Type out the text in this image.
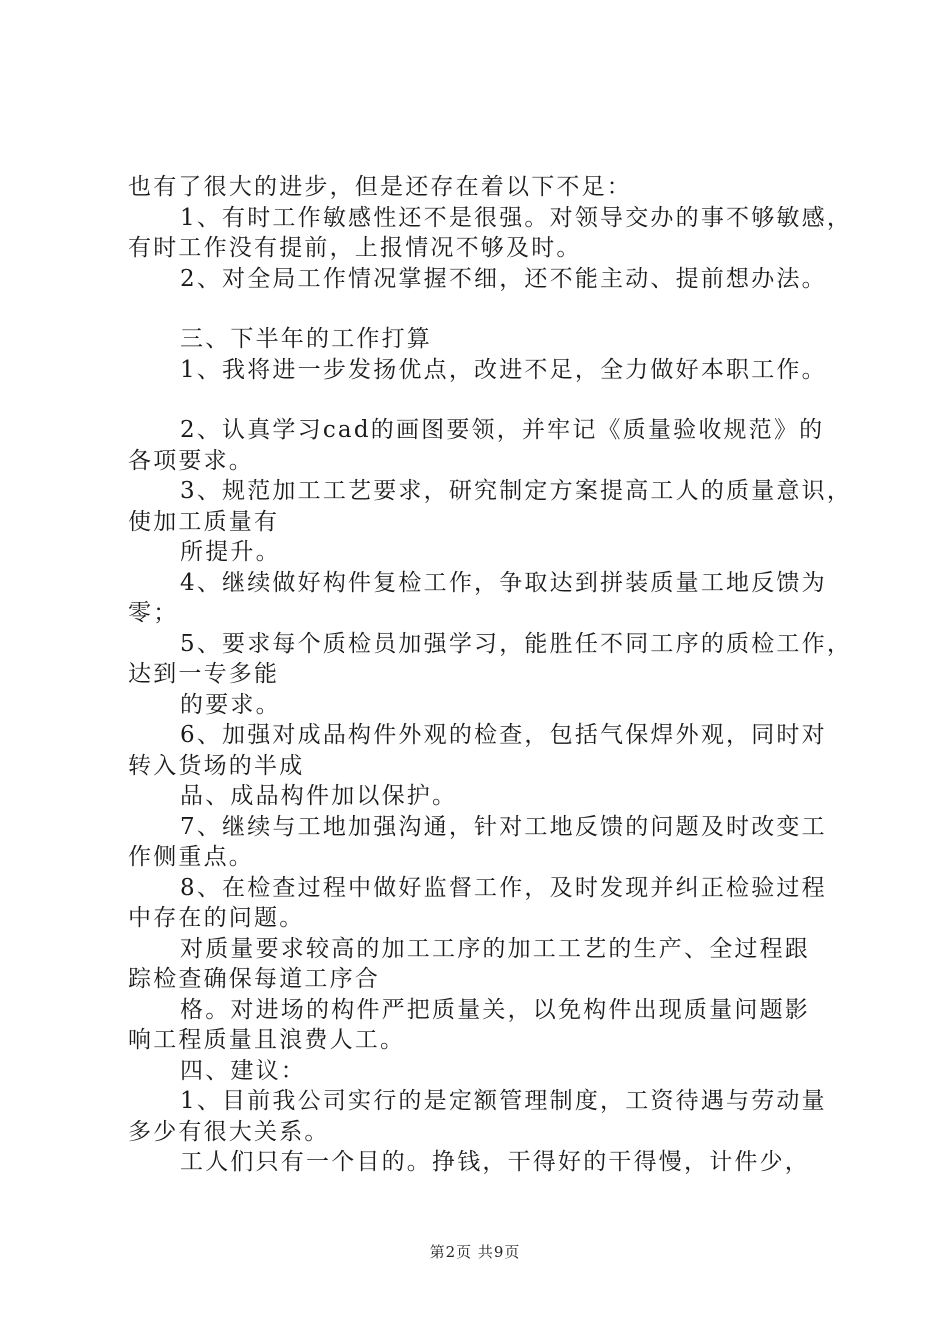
也有了很大的进步，但是还存在着以下不足：
1、有时工作敏感性还不是很强。对领导交办的事不够敏感，
有时工作没有提前，上报情况不够及时。
2、对全局工作情况掌握不细，还不能主动、提前想办法。
三、下半年的工作打算
1、我将进一步发扬优点，改进不足，全力做好本职工作。
2、认真学习cad的画图要领，并牢记《质量验收规范》的
各项要求。
3、规范加工工艺要求，研究制定方案提高工人的质量意识，
使加工质量有
所提升。
4、继续做好构件复检工作，争取达到拼装质量工地反馈为
零；
5、要求每个质检员加强学习，能胜任不同工序的质检工作，
达到一专多能
的要求。
6、加强对成品构件外观的检查，包括气保焊外观，同时对
转入货场的半成
品、成品构件加以保护。
7、继续与工地加强沟通，针对工地反馈的问题及时改变工
作侧重点。
8、在检查过程中做好监督工作，及时发现并纠正检验过程
中存在的问题。
对质量要求较高的加工工序的加工工艺的生产、全过程跟
踪检查确保每道工序合
格。对进场的构件严把质量关，以免构件出现质量问题影
响工程质量且浪费人工。
四、建议：
1、目前我公司实行的是定额管理制度，工资待遇与劳动量
多少有很大关系。
工人们只有一个目的。挣钱，干得好的干得慢，计件少，
第2页 共9页
